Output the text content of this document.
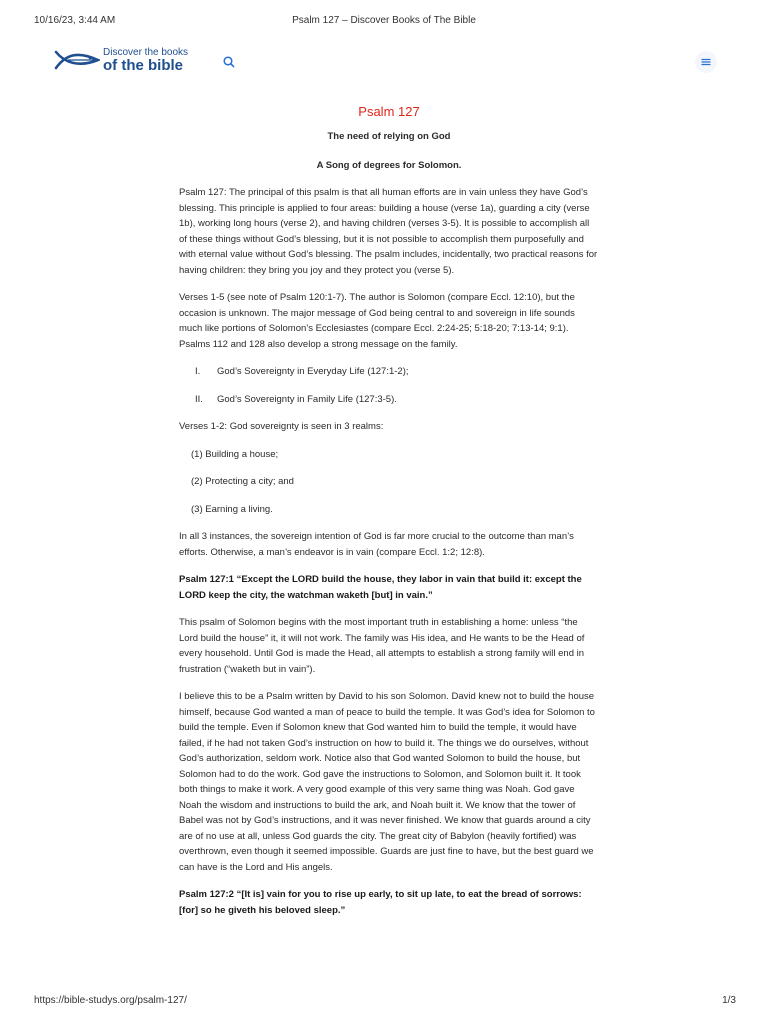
10/16/23, 3:44 AM	Psalm 127 – Discover Books of The Bible
Discover the books
of the bible
Psalm 127
The need of relying on God
A Song of degrees for Solomon.

Psalm 127: The principal of this psalm is that all human efforts are in vain unless they have God’s blessing. This principle is applied to four areas: building a house (verse 1a), guarding a city (verse 1b), working long hours (verse 2), and having children (verses 3-5). It is possible to accomplish all of these things without God’s blessing, but it is not possible to accomplish them purposefully and with eternal value without God’s blessing. The psalm includes, incidentally, two practical reasons for having children: they bring you joy and they protect you (verse 5).

Verses 1-5 (see note of Psalm 120:1-7). The author is Solomon (compare Eccl. 12:10), but the occasion is unknown. The major message of God being central to and sovereign in life sounds much like portions of Solomon’s Ecclesiastes (compare Eccl. 2:24-25; 5:18-20; 7:13-14; 9:1). Psalms 112 and 128 also develop a strong message on the family.

I. God’s Sovereignty in Everyday Life (127:1-2);
II. God’s Sovereignty in Family Life (127:3-5).

Verses 1-2: God sovereignty is seen in 3 realms:

(1) Building a house;
(2) Protecting a city; and
(3) Earning a living.

In all 3 instances, the sovereign intention of God is far more crucial to the outcome than man’s efforts. Otherwise, a man’s endeavor is in vain (compare Eccl. 1:2; 12:8).

Psalm 127:1 “Except the LORD build the house, they labor in vain that build it: except the LORD keep the city, the watchman waketh [but] in vain.”

This psalm of Solomon begins with the most important truth in establishing a home: unless “the Lord build the house” it, it will not work. The family was His idea, and He wants to be the Head of every household. Until God is made the Head, all attempts to establish a strong family will end in frustration (“waketh but in vain”).

I believe this to be a Psalm written by David to his son Solomon. David knew not to build the house himself, because God wanted a man of peace to build the temple. It was God’s idea for Solomon to build the temple. Even if Solomon knew that God wanted him to build the temple, it would have failed, if he had not taken God’s instruction on how to build it. The things we do ourselves, without God’s authorization, seldom work. Notice also that God wanted Solomon to build the house, but Solomon had to do the work. God gave the instructions to Solomon, and Solomon built it. It took both things to make it work. A very good example of this very same thing was Noah. God gave Noah the wisdom and instructions to build the ark, and Noah built it. We know that the tower of Babel was not by God’s instructions, and it was never finished. We know that guards around a city are of no use at all, unless God guards the city. The great city of Babylon (heavily fortified) was overthrown, even though it seemed impossible. Guards are just fine to have, but the best guard we can have is the Lord and His angels.

Psalm 127:2 “[It is] vain for you to rise up early, to sit up late, to eat the bread of sorrows: [for] so he giveth his beloved sleep.”

https://bible-studys.org/psalm-127/	1/3
